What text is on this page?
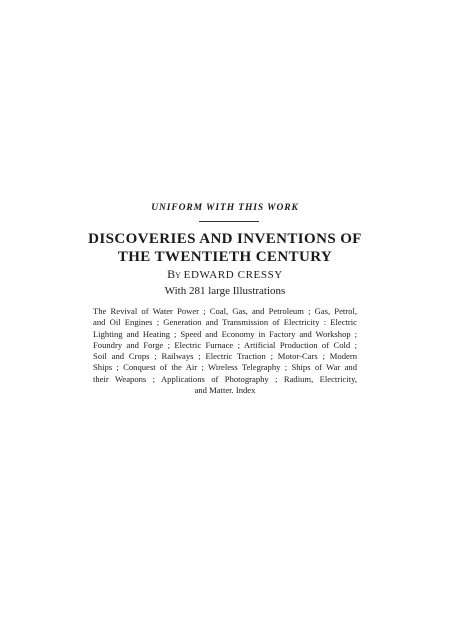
UNIFORM WITH THIS WORK
DISCOVERIES AND INVENTIONS OF
THE TWENTIETH CENTURY
By EDWARD CRESSY
With 281 large Illustrations
The Revival of Water Power ; Coal, Gas, and Petroleum ; Gas, Petrol,
and Oil Engines ; Generation and Transmission of Electricity : Electric
Lighting and Heating ; Speed and Economy in Factory and Workshop ;
Foundry and Forge ; Electric Furnace ; Artificial Production of Cold ;
Soil and Crops ; Railways ; Electric Traction ; Motor-Cars ; Modern
Ships ; Conquest of the Air ; Wireless Telegraphy ; Ships of War and
their Weapons ; Applications of Photography ; Radium, Electricity,
and Matter. Index
